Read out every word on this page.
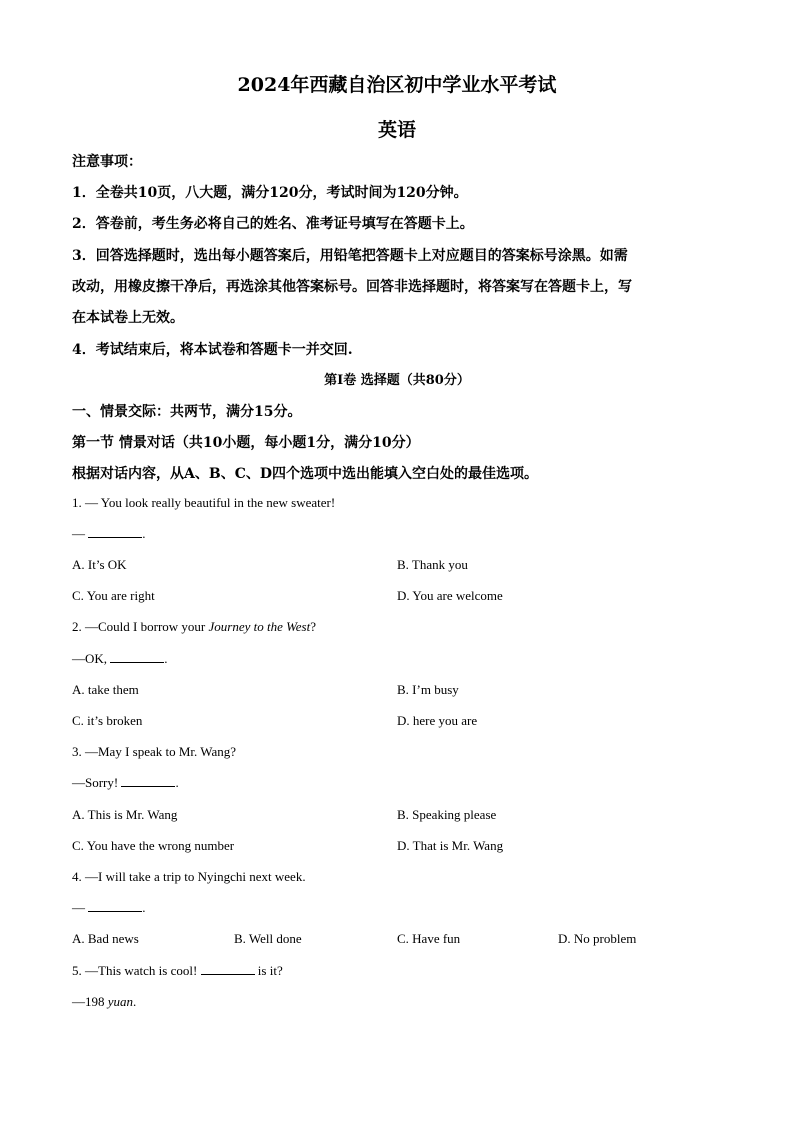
2024年西藏自治区初中学业水平考试
英语
注意事项：
1．全卷共10页，八大题，满分120分，考试时间为120分钟。
2．答卷前，考生务必将自己的姓名、准考证号填写在答题卡上。
3．回答选择题时，选出每小题答案后，用铅笔把答题卡上对应题目的答案标号涂黑。如需
改动，用橡皮擦干净后，再选涂其他答案标号。回答非选择题时，将答案写在答题卡上，写
在本试卷上无效。
4．考试结束后，将本试卷和答题卡一并交回.
第Ⅰ卷 选择题（共80分）
一、情景交际：共两节，满分15分。
第一节 情景对话（共10小题，每小题1分，满分10分）
根据对话内容，从A、B、C、D四个选项中选出能填入空白处的最佳选项。
1. — You look really beautiful in the new sweater!
—	.
A. It’s OK	B. Thank you
C. You are right	D. You are welcome
2. —Could I borrow your Journey to the West?
—OK,	.
A. take them	B. I’m busy
C. it’s broken	D. here you are
3. —May I speak to Mr. Wang?
—Sorry!	.
A. This is Mr. Wang	B. Speaking please
C. You have the wrong number	D. That is Mr. Wang
4. —I will take a trip to Nyingchi next week.
—	.
A. Bad news	B. Well done	C. Have fun	D. No problem
5. —This watch is cool!	is it?
—198 yuan.
